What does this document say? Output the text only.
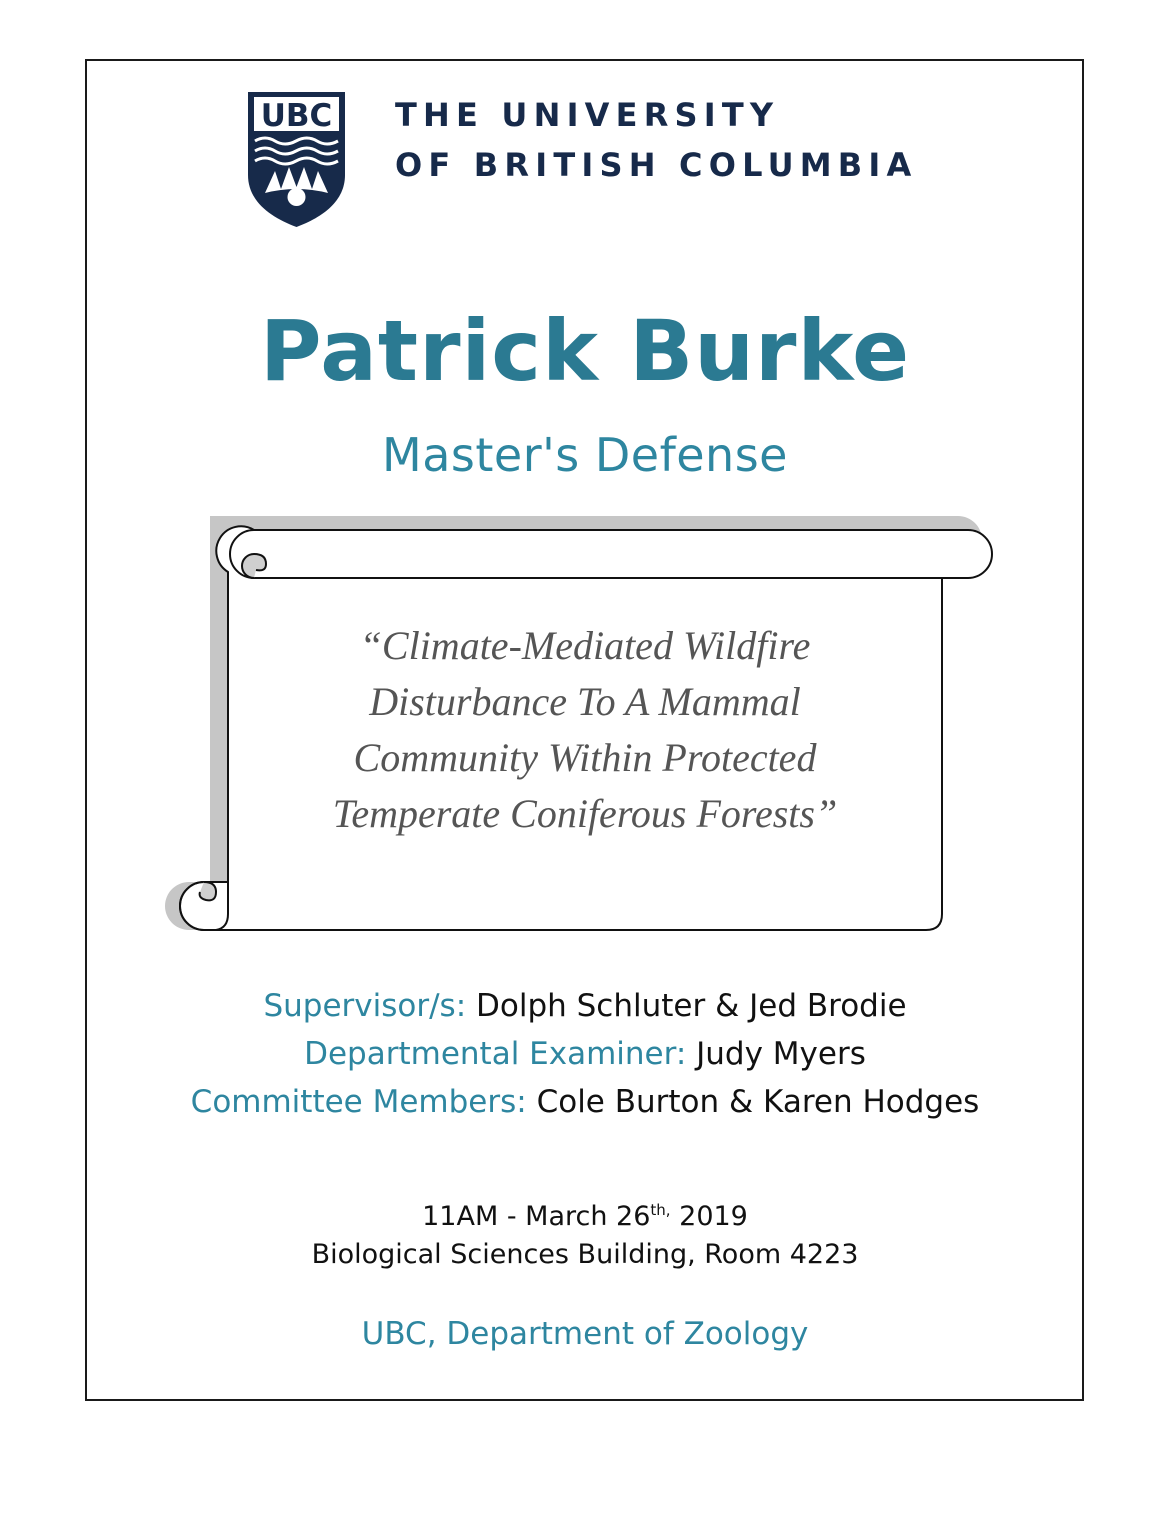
UBC THE UNIVERSITY
OF BRITISH COLUMBIA
Patrick Burke
Master's Defense
“Climate-Mediated Wildfire
Disturbance To A Mammal
Community Within Protected
Temperate Coniferous Forests”
Supervisor/s: Dolph Schluter & Jed Brodie
Departmental Examiner: Judy Myers
Committee Members: Cole Burton & Karen Hodges
11AM - March $26^{th,}$ 2019
Biological Sciences Building, Room 4223
UBC, Department of Zoology
